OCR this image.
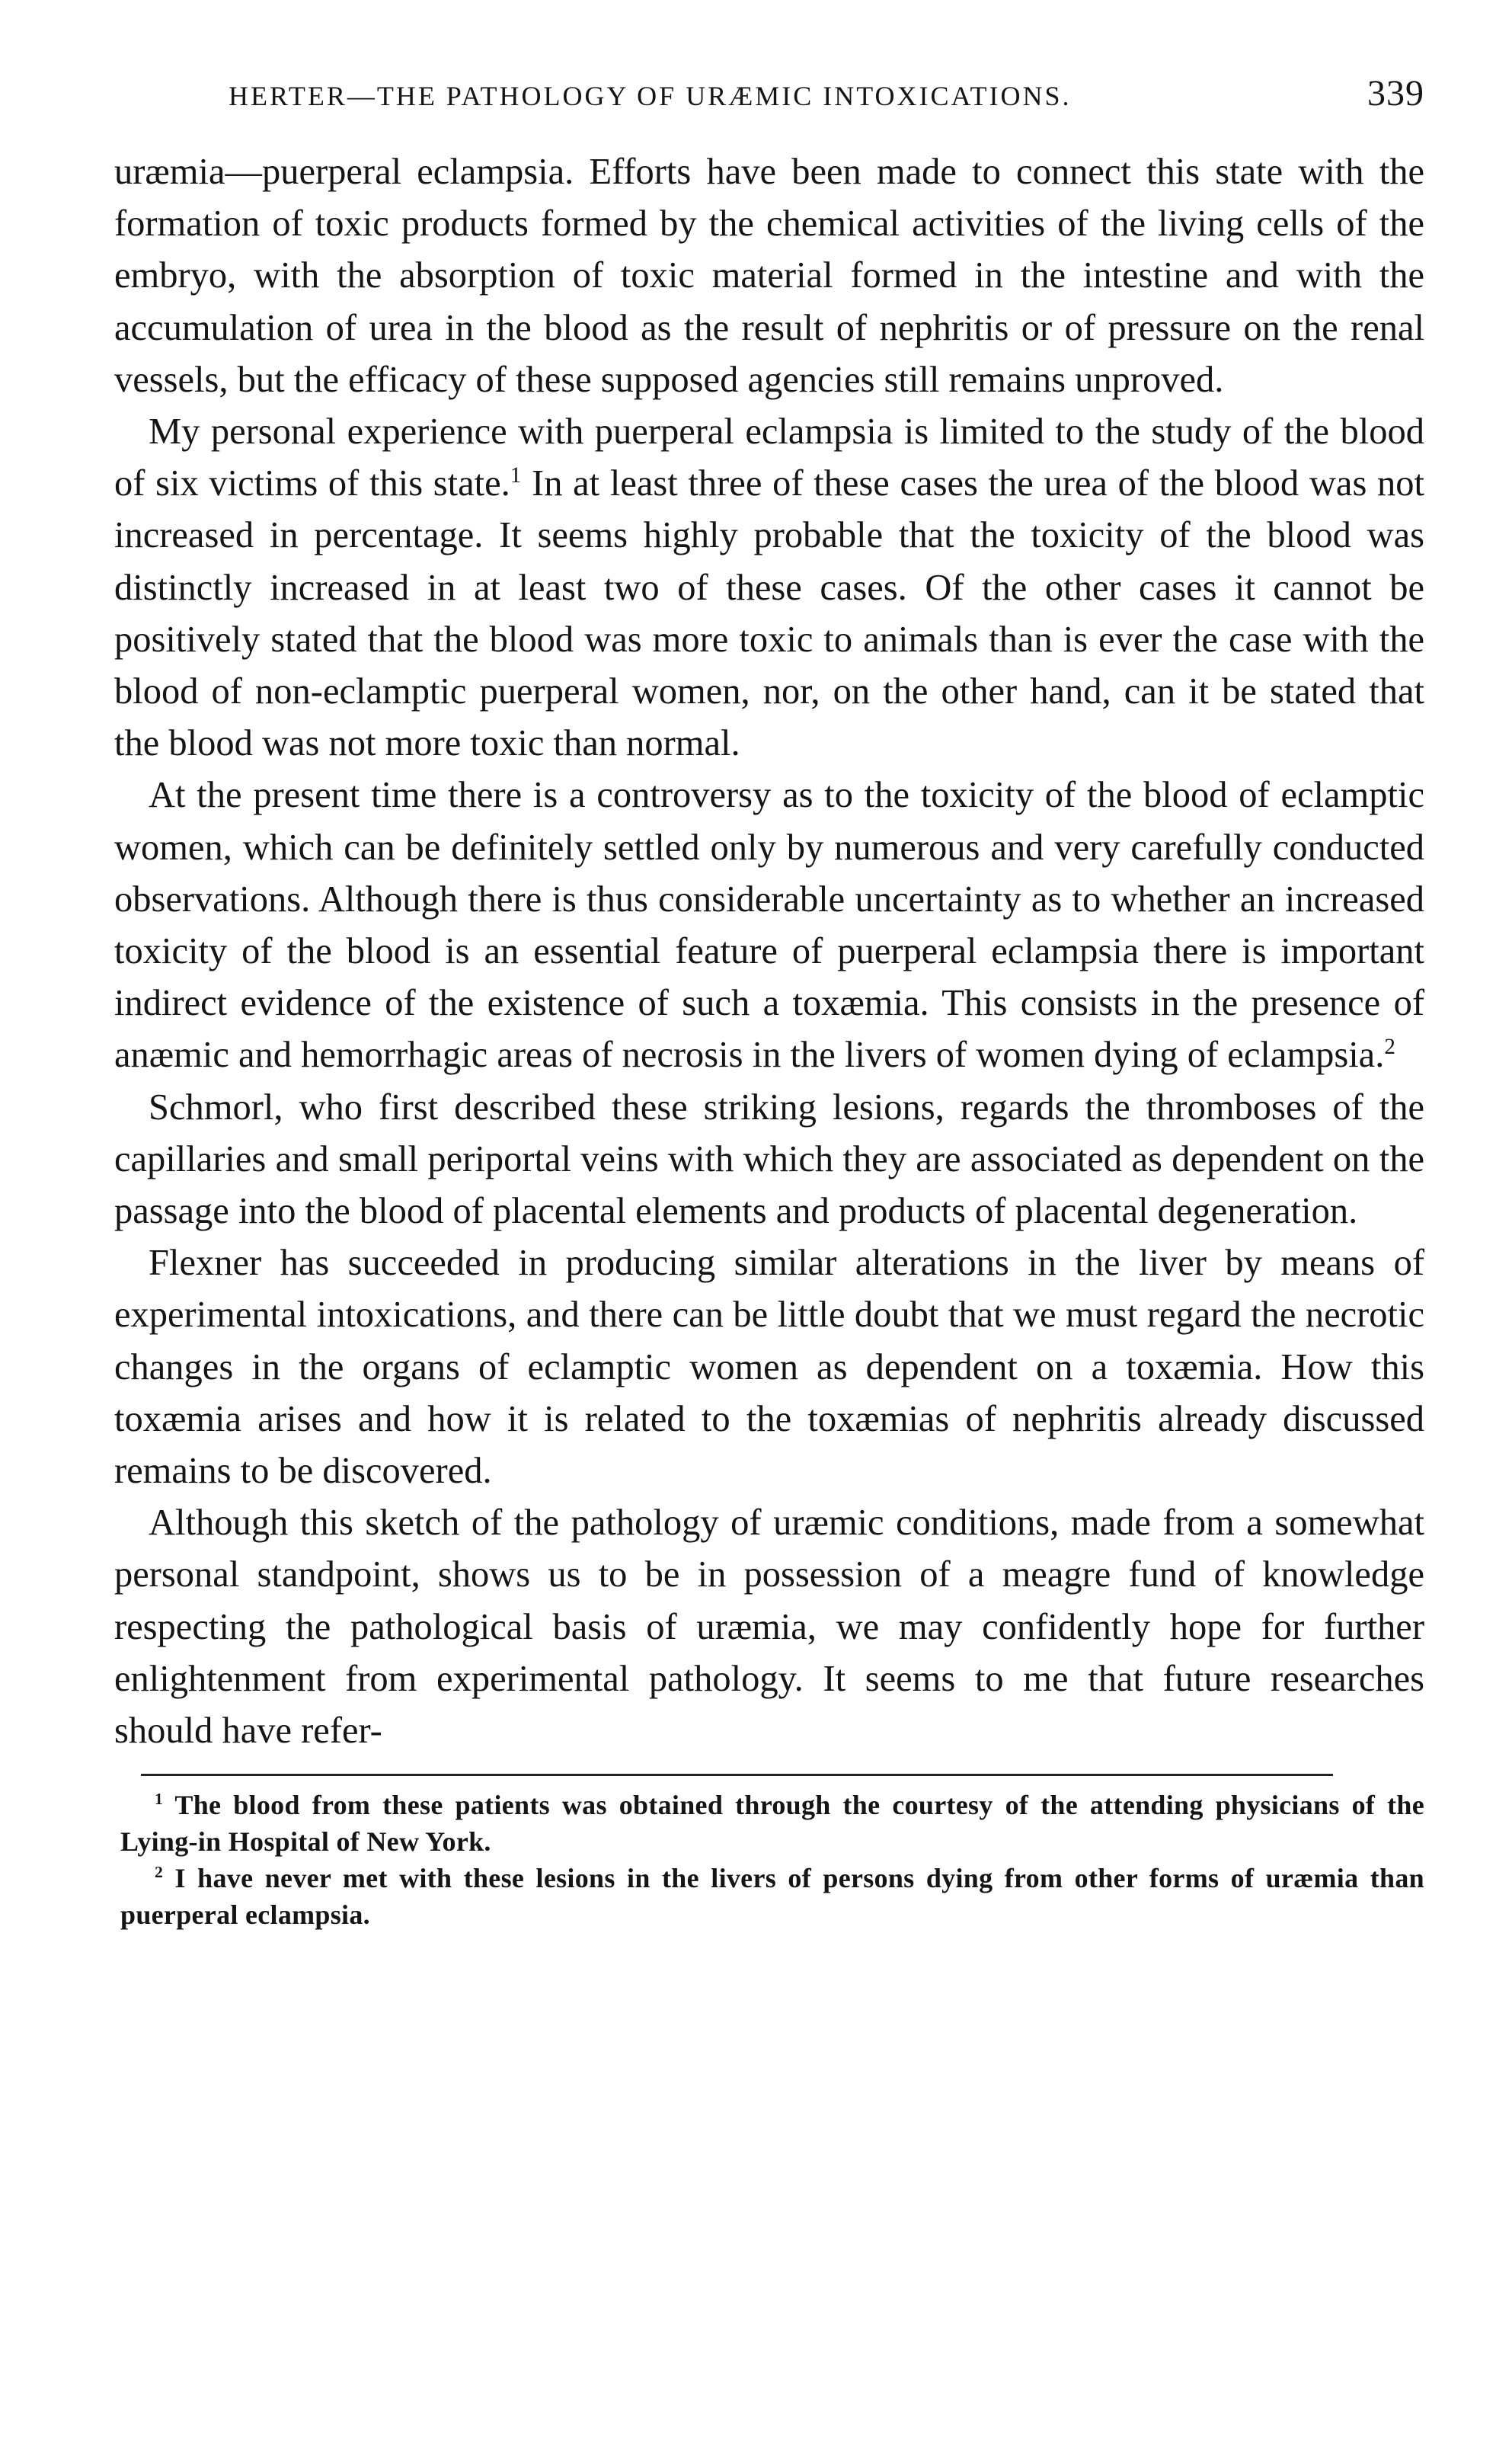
HERTER—THE PATHOLOGY OF URÆMIC INTOXICATIONS.	339

uræmia—puerperal eclampsia. Efforts have been made to connect this state with the formation of toxic products formed by the chemical activities of the living cells of the embryo, with the absorption of toxic material formed in the intestine and with the accumulation of urea in the blood as the result of nephritis or of pressure on the renal vessels, but the efficacy of these supposed agencies still remains unproved.

My personal experience with puerperal eclampsia is limited to the study of the blood of six victims of this state.$^1$ In at least three of these cases the urea of the blood was not increased in percentage. It seems highly probable that the toxicity of the blood was distinctly increased in at least two of these cases. Of the other cases it cannot be positively stated that the blood was more toxic to animals than is ever the case with the blood of non-eclamptic puerperal women, nor, on the other hand, can it be stated that the blood was not more toxic than normal.

At the present time there is a controversy as to the toxicity of the blood of eclamptic women, which can be definitely settled only by numerous and very carefully conducted observations. Although there is thus considerable uncertainty as to whether an increased toxicity of the blood is an essential feature of puerperal eclampsia there is important indirect evidence of the existence of such a toxæmia. This consists in the presence of anæmic and hemorrhagic areas of necrosis in the livers of women dying of eclampsia.$^2$

Schmorl, who first described these striking lesions, regards the thromboses of the capillaries and small periportal veins with which they are associated as dependent on the passage into the blood of placental elements and products of placental degeneration.

Flexner has succeeded in producing similar alterations in the liver by means of experimental intoxications, and there can be little doubt that we must regard the necrotic changes in the organs of eclamptic women as dependent on a toxæmia. How this toxæmia arises and how it is related to the toxæmias of nephritis already discussed remains to be discovered.

Although this sketch of the pathology of uræmic conditions, made from a somewhat personal standpoint, shows us to be in possession of a meagre fund of knowledge respecting the pathological basis of uræmia, we may confidently hope for further enlightenment from experimental pathology. It seems to me that future researches should have refer-

$^1$ The blood from these patients was obtained through the courtesy of the attending physicians of the Lying-in Hospital of New York.

$^2$ I have never met with these lesions in the livers of persons dying from other forms of uræmia than puerperal eclampsia.
